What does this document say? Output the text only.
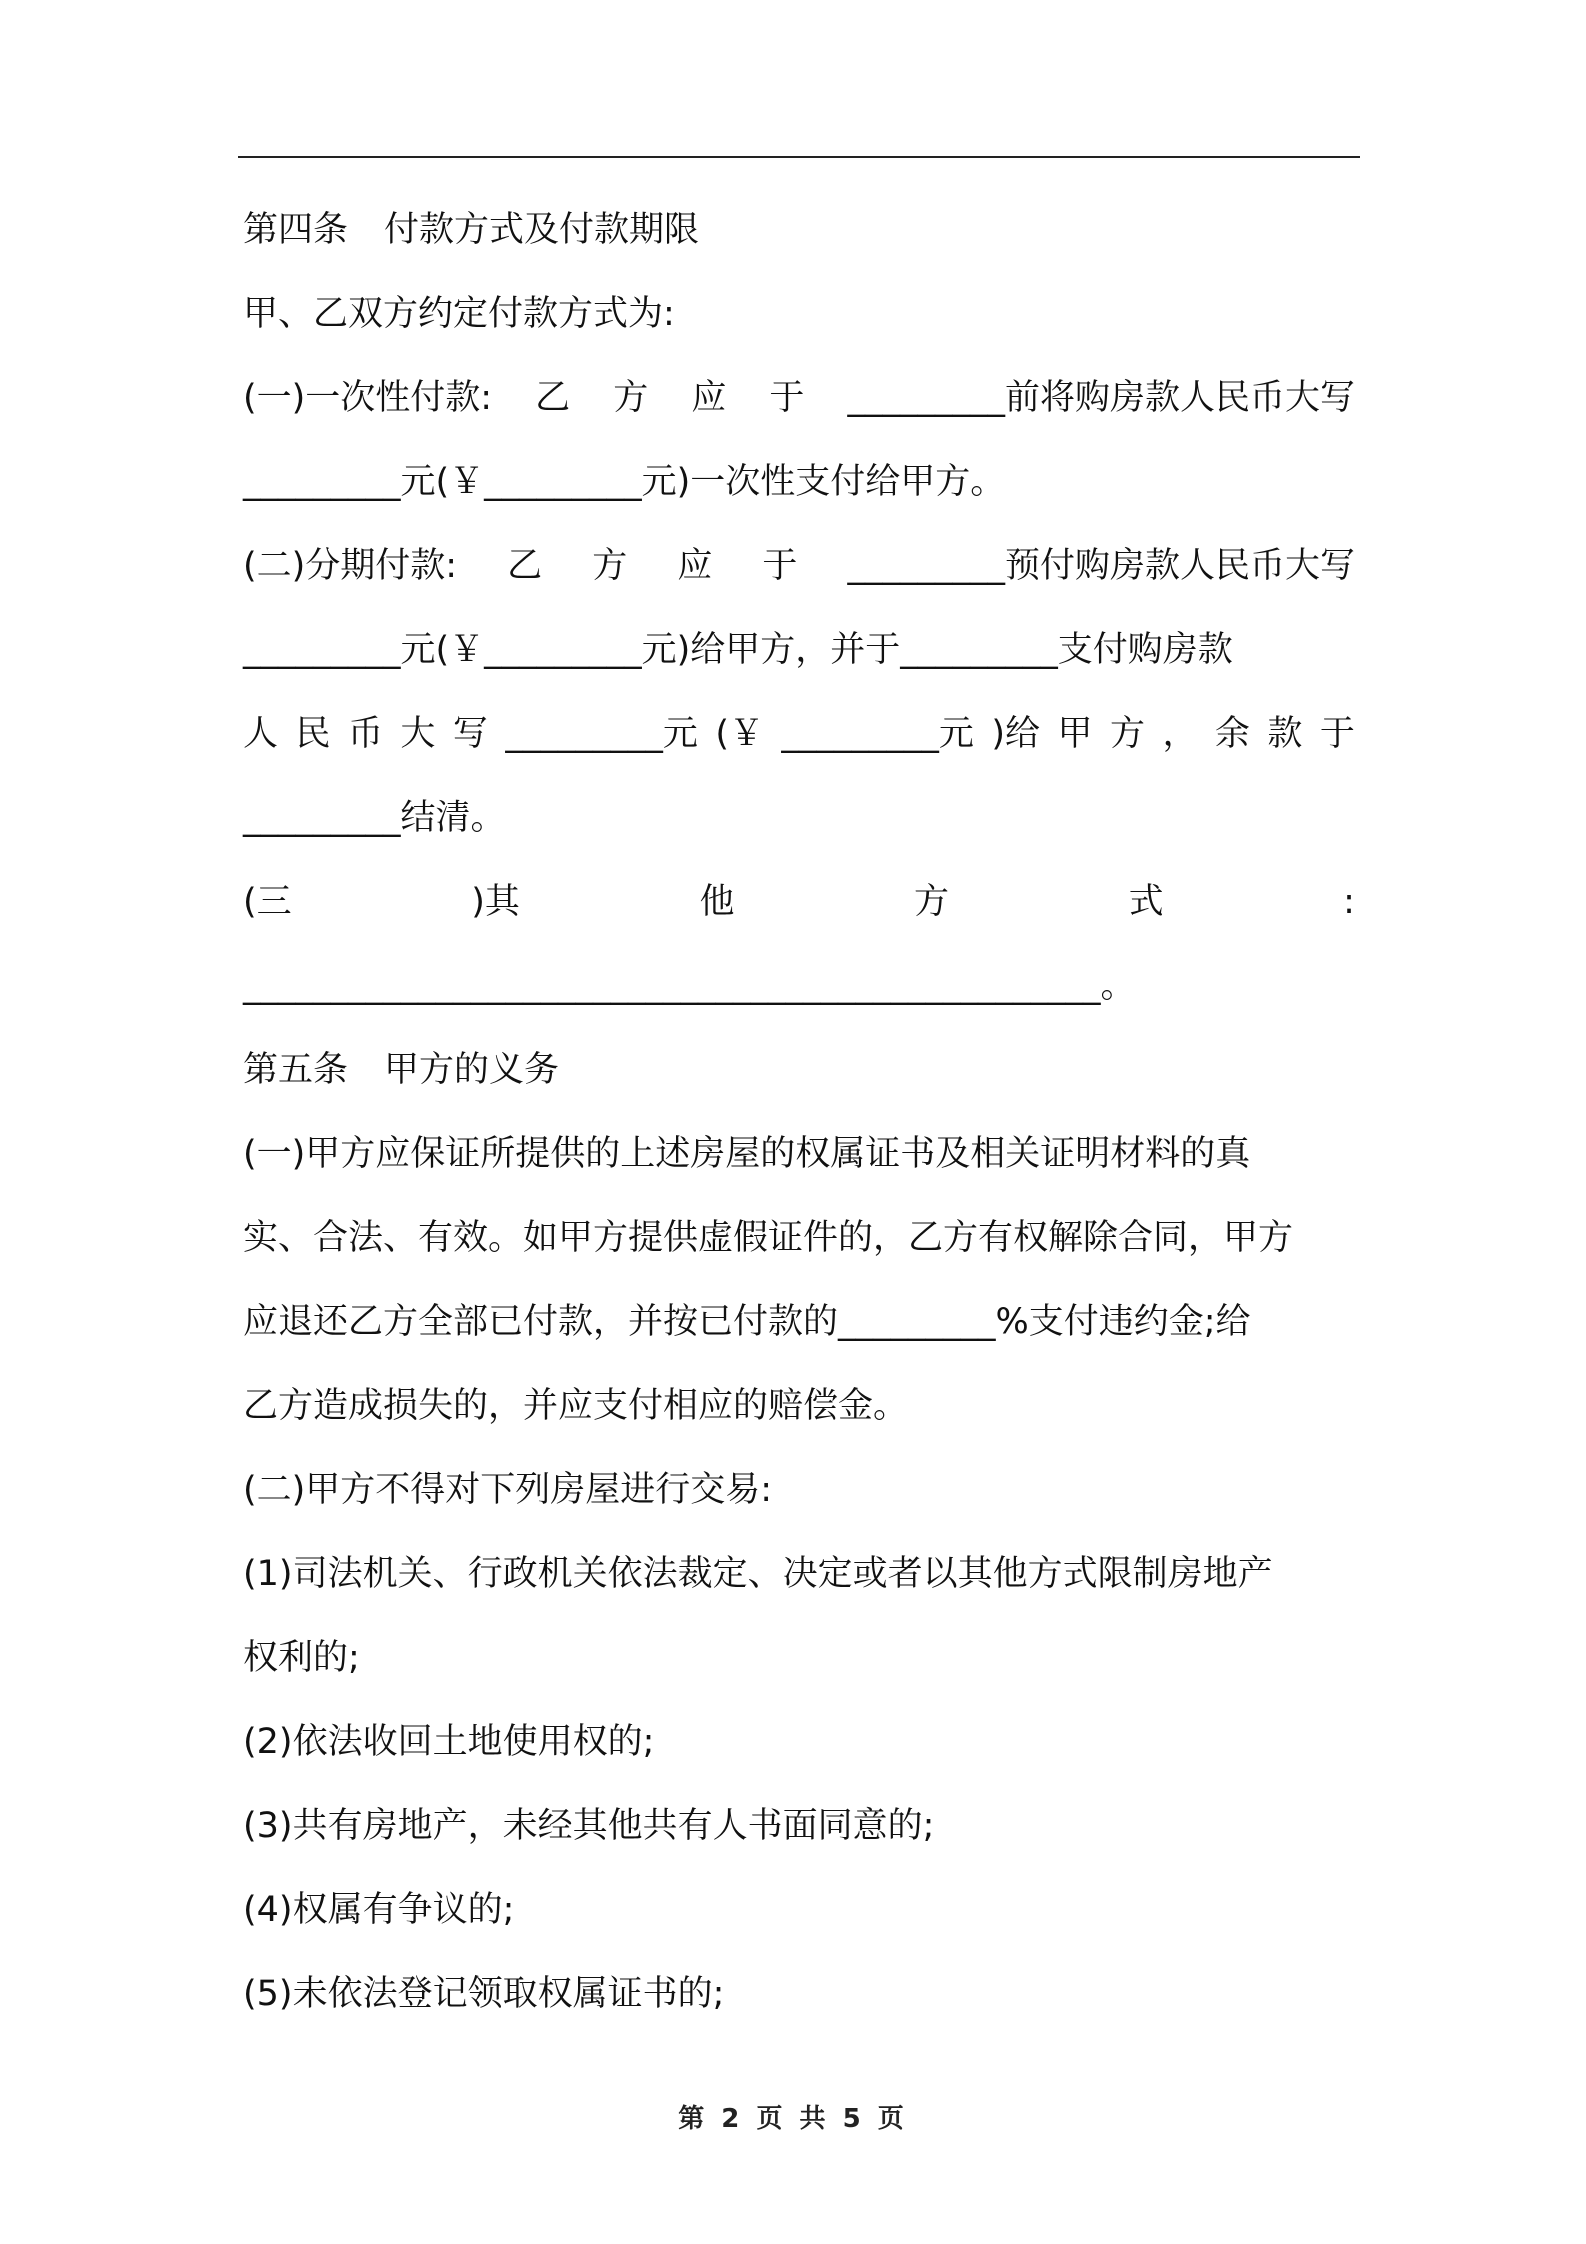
第四条 付款方式及付款期限
甲、乙双方约定付款方式为:
(一)一次性付款: 乙 方 应 于 _________前将购房款人民币大写
_________元(￥_________元)一次性支付给甲方。
(二)分期付款: 乙 方 应 于 _________预付购房款人民币大写
_________元(￥_________元)给甲方，并于_________支付购房款
人 民 币 大 写 _________元 (￥ _________元 )给 甲 方 ， 余 款 于
_________结清。
(三	)其	他	方	式	:
_________________________________________________。
第五条 甲方的义务
(一)甲方应保证所提供的上述房屋的权属证书及相关证明材料的真
实、合法、有效。如甲方提供虚假证件的，乙方有权解除合同，甲方
应退还乙方全部已付款，并按已付款的_________%支付违约金;给
乙方造成损失的，并应支付相应的赔偿金。
(二)甲方不得对下列房屋进行交易:
(1)司法机关、行政机关依法裁定、决定或者以其他方式限制房地产
权利的;
(2)依法收回土地使用权的;
(3)共有房地产，未经其他共有人书面同意的;
(4)权属有争议的;
(5)未依法登记领取权属证书的;
第 2 页 共 5 页
